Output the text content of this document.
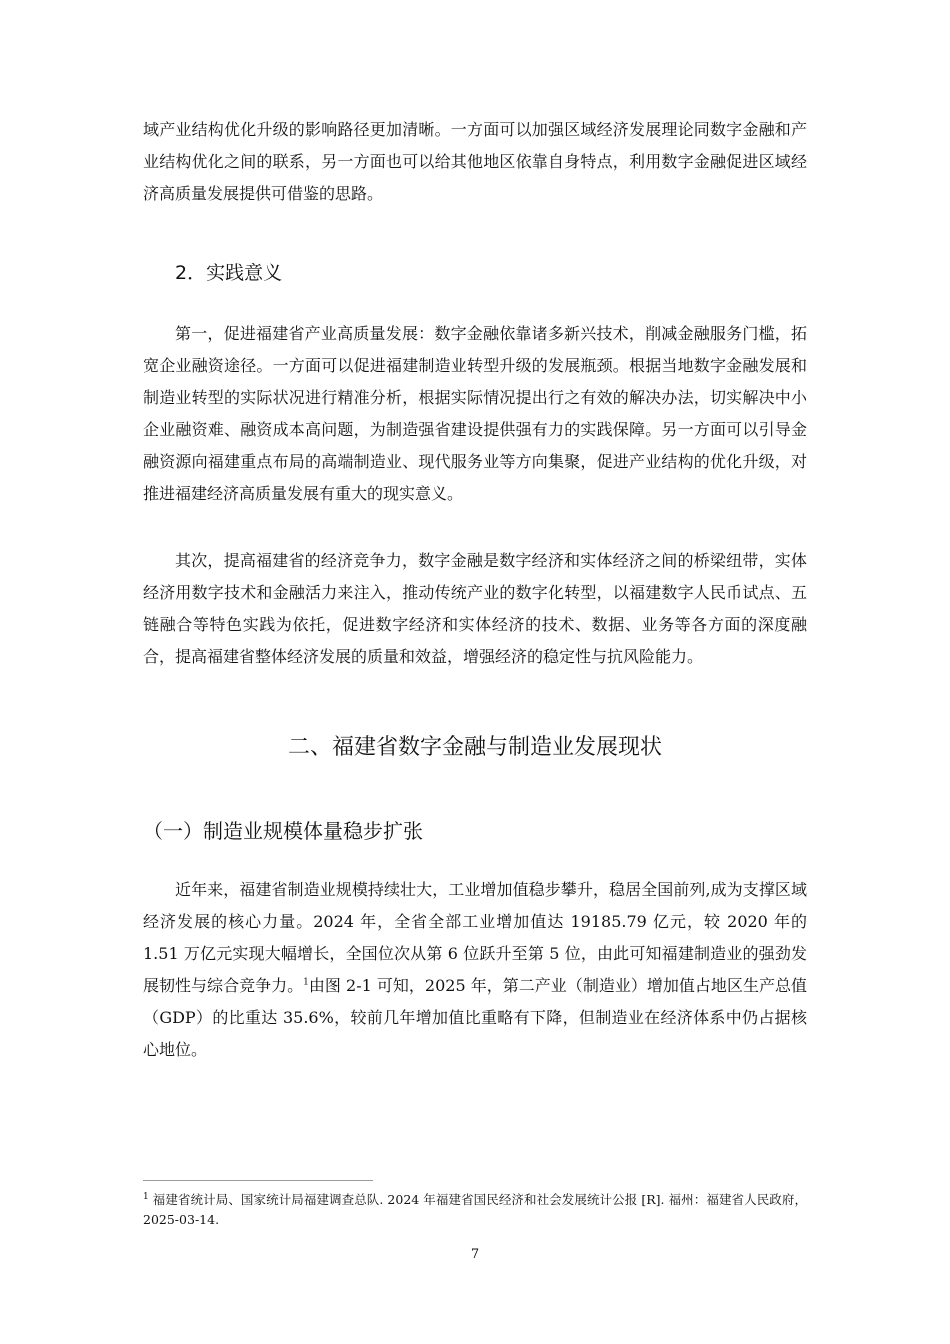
域产业结构优化升级的影响路径更加清晰。一方面可以加强区域经济发展理论同数字金融和产业结构优化之间的联系，另一方面也可以给其他地区依靠自身特点，利用数字金融促进区域经济高质量发展提供可借鉴的思路。

2．实践意义

第一，促进福建省产业高质量发展：数字金融依靠诸多新兴技术，削减金融服务门槛，拓宽企业融资途径。一方面可以促进福建制造业转型升级的发展瓶颈。根据当地数字金融发展和制造业转型的实际状况进行精准分析，根据实际情况提出行之有效的解决办法，切实解决中小企业融资难、融资成本高问题，为制造强省建设提供强有力的实践保障。另一方面可以引导金融资源向福建重点布局的高端制造业、现代服务业等方向集聚，促进产业结构的优化升级，对推进福建经济高质量发展有重大的现实意义。

其次，提高福建省的经济竞争力，数字金融是数字经济和实体经济之间的桥梁纽带，实体经济用数字技术和金融活力来注入，推动传统产业的数字化转型，以福建数字人民币试点、五链融合等特色实践为依托，促进数字经济和实体经济的技术、数据、业务等各方面的深度融合，提高福建省整体经济发展的质量和效益，增强经济的稳定性与抗风险能力。

二、福建省数字金融与制造业发展现状
（一）制造业规模体量稳步扩张

近年来，福建省制造业规模持续壮大，工业增加值稳步攀升，稳居全国前列,成为支撑区域经济发展的核心力量。2024 年，全省全部工业增加值达 19185.79 亿元，较 2020 年的 1.51 万亿元实现大幅增长，全国位次从第 6 位跃升至第 5 位，由此可知福建制造业的强劲发展韧性与综合竞争力。$^1$由图 2-1 可知，2025 年，第二产业（制造业）增加值占地区生产总值（GDP）的比重达 35.6%，较前几年增加值比重略有下降，但制造业在经济体系中仍占据核心地位。

$^1$ 福建省统计局、国家统计局福建调查总队. 2024 年福建省国民经济和社会发展统计公报 [R]. 福州：福建省人民政府，2025-03-14.

7
